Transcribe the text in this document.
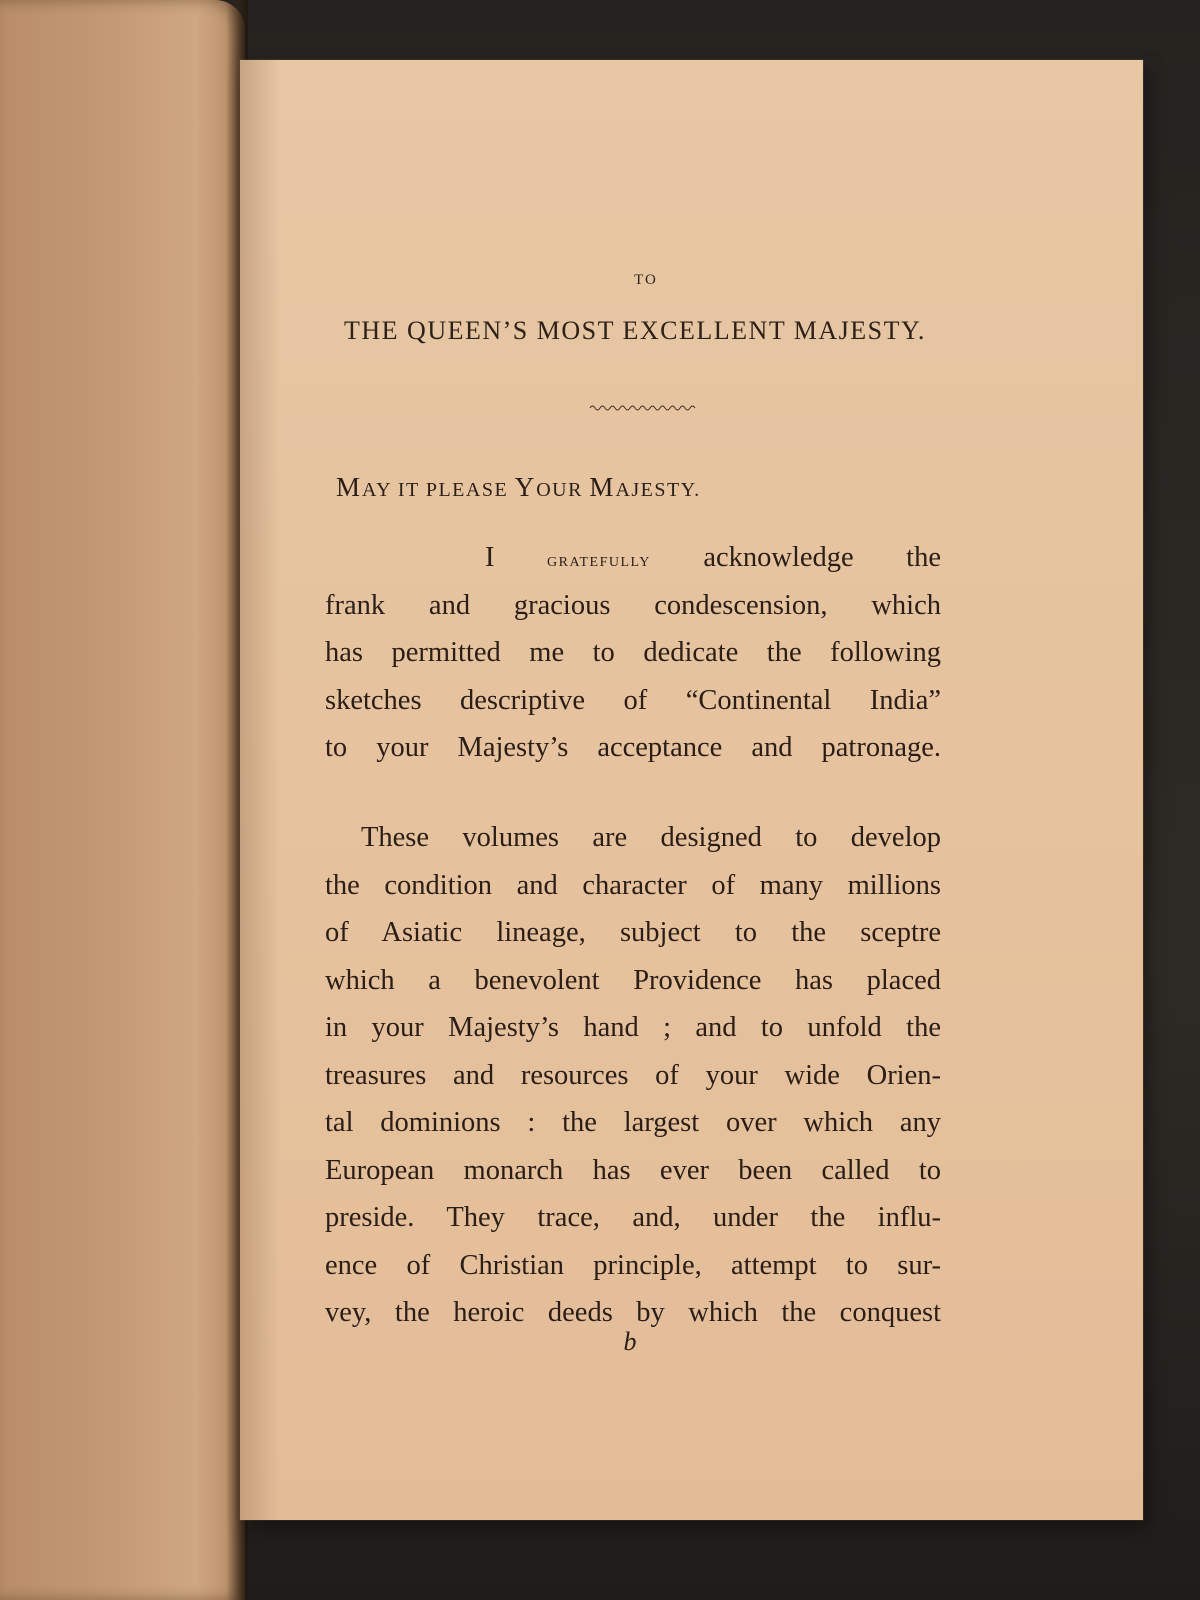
TO
THE QUEEN’S MOST EXCELLENT MAJESTY.
MAY IT PLEASE YOUR MAJESTY.
I gratefully acknowledge the
frank and gracious condescension, which
has permitted me to dedicate the following
sketches descriptive of “Continental India”
to your Majesty’s acceptance and patronage.
These volumes are designed to develop
the condition and character of many millions
of Asiatic lineage, subject to the sceptre
which a benevolent Providence has placed
in your Majesty’s hand ; and to unfold the
treasures and resources of your wide Orien-
tal dominions : the largest over which any
European monarch has ever been called to
preside. They trace, and, under the influ-
ence of Christian principle, attempt to sur-
vey, the heroic deeds by which the conquest
b
